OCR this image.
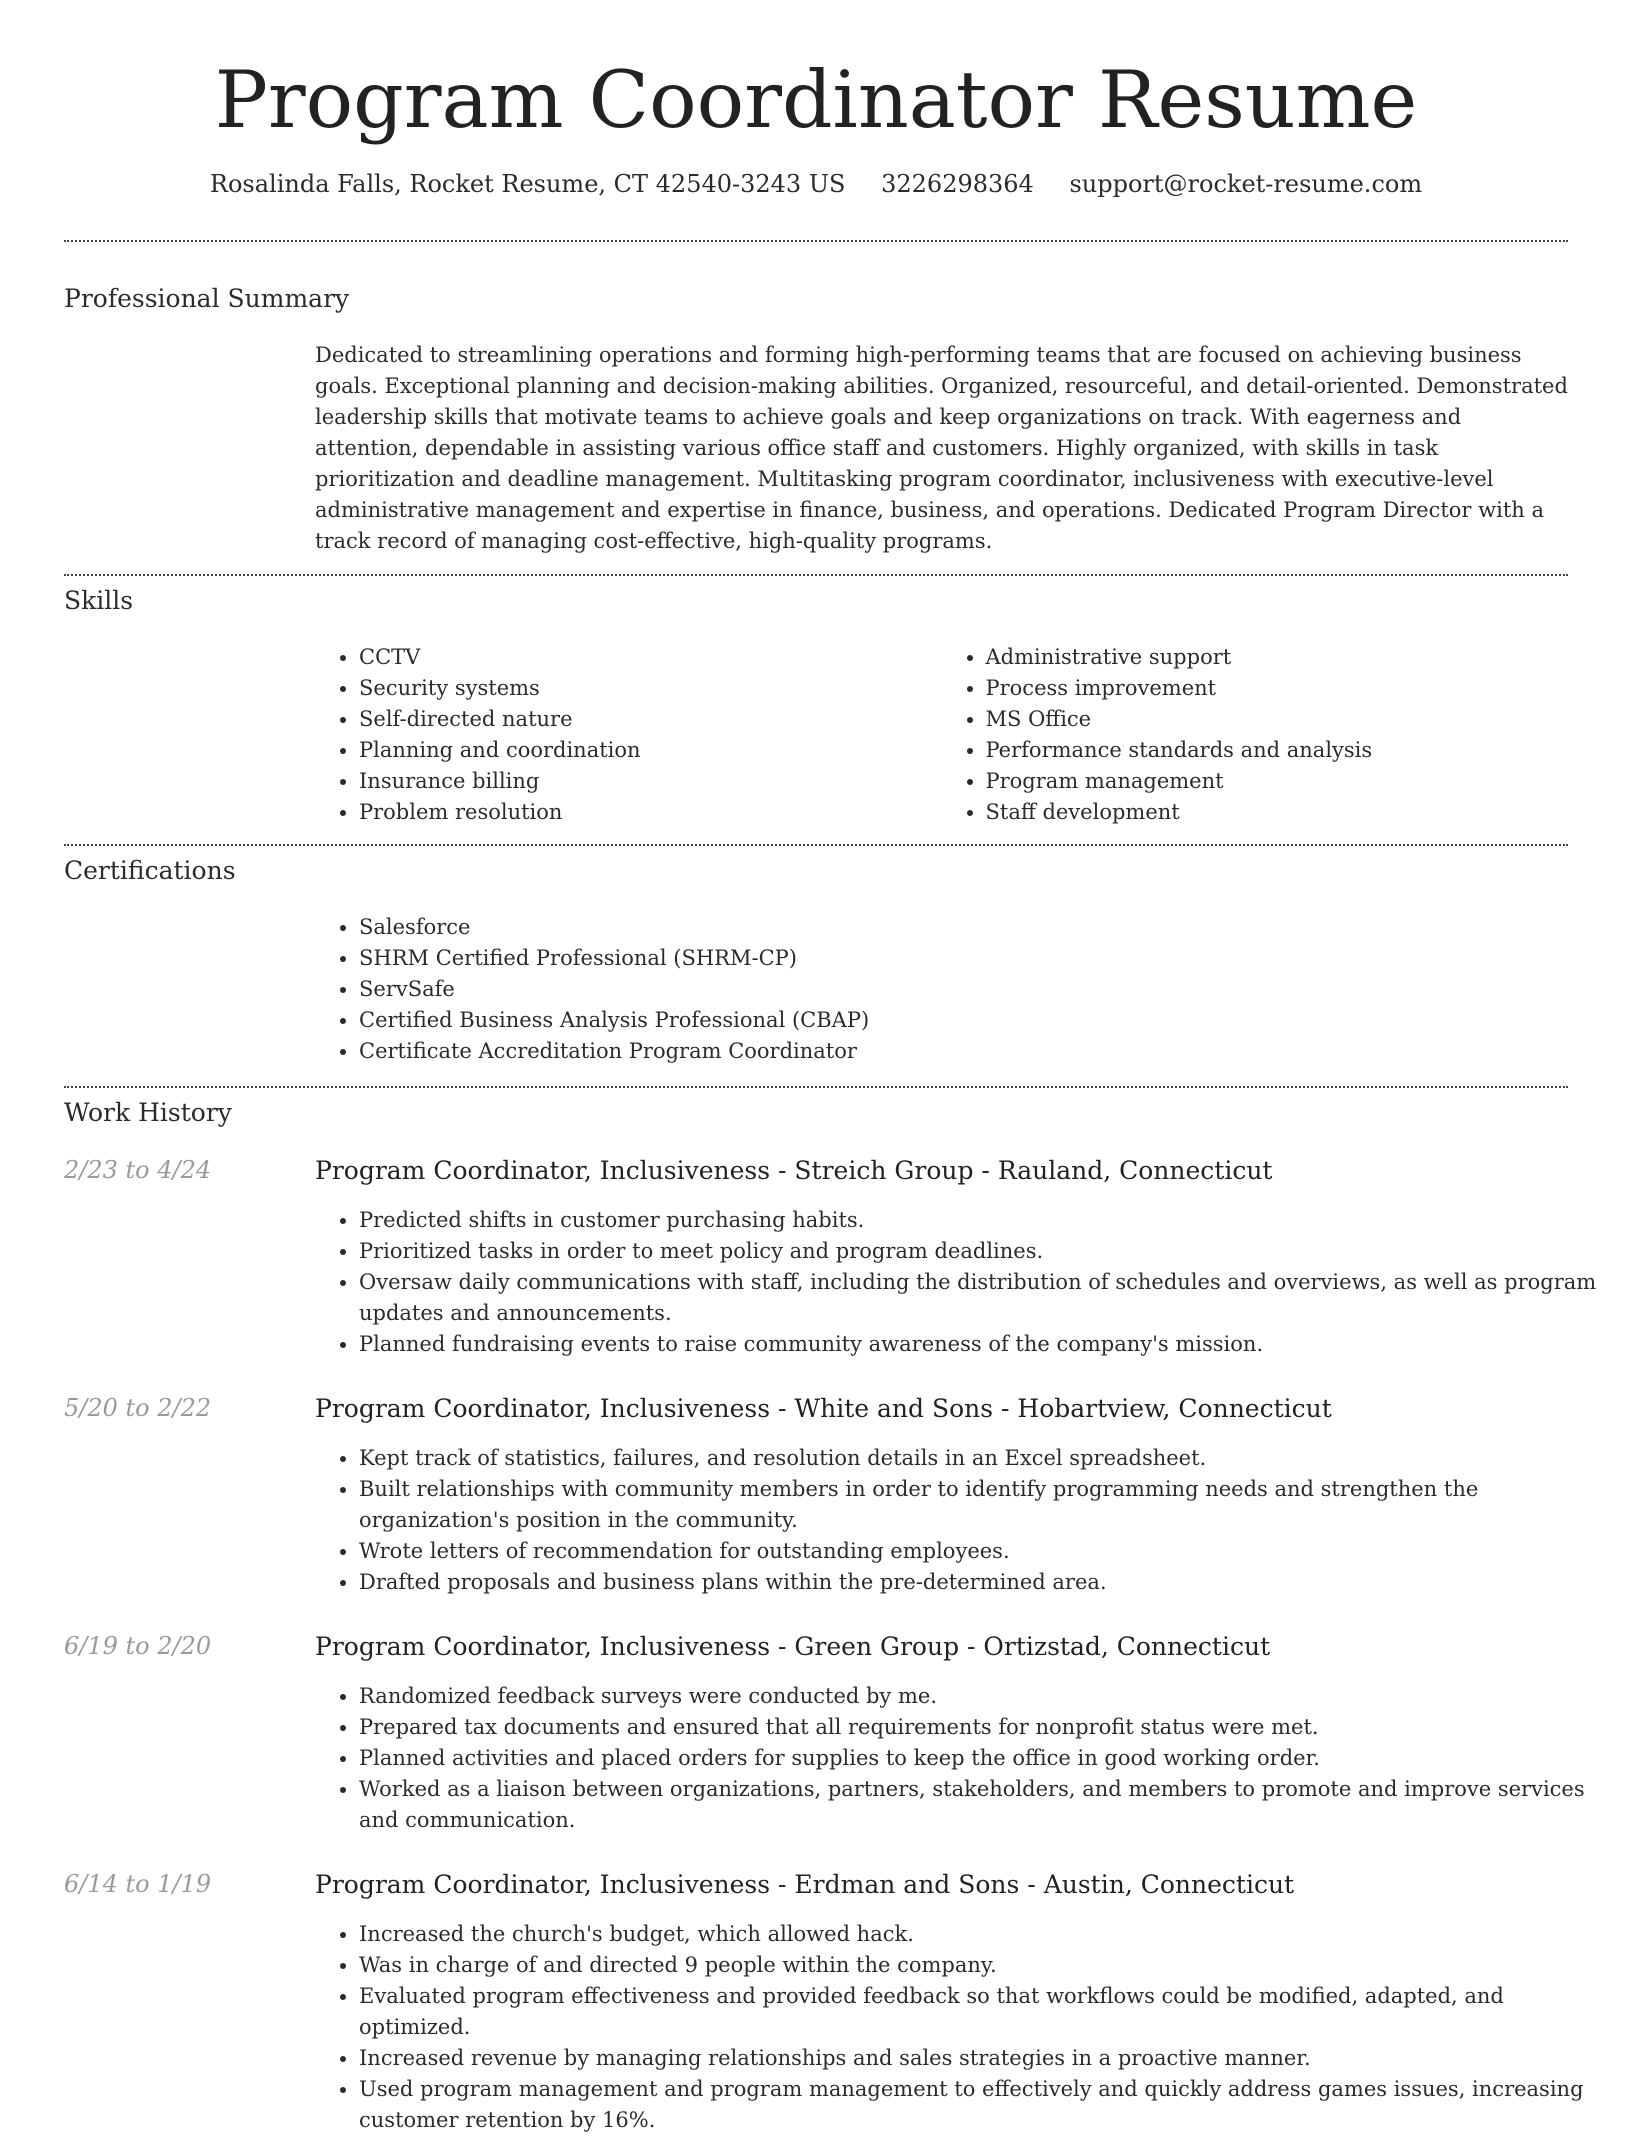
Program Coordinator Resume
Rosalinda Falls, Rocket Resume, CT 42540-3243 US 3226298364 support@rocket-resume.com
Professional Summary
Dedicated to streamlining operations and forming high-performing teams that are focused on achieving business goals. Exceptional planning and decision-making abilities. Organized, resourceful, and detail-oriented. Demonstrated leadership skills that motivate teams to achieve goals and keep organizations on track. With eagerness and attention, dependable in assisting various office staff and customers. Highly organized, with skills in task prioritization and deadline management. Multitasking program coordinator, inclusiveness with executive-level administrative management and expertise in finance, business, and operations. Dedicated Program Director with a track record of managing cost-effective, high-quality programs.
Skills
• CCTV
• Security systems
• Self-directed nature
• Planning and coordination
• Insurance billing
• Problem resolution
• Administrative support
• Process improvement
• MS Office
• Performance standards and analysis
• Program management
• Staff development
Certifications
• Salesforce
• SHRM Certified Professional (SHRM-CP)
• ServSafe
• Certified Business Analysis Professional (CBAP)
• Certificate Accreditation Program Coordinator
Work History
2/23 to 4/24	Program Coordinator, Inclusiveness - Streich Group - Rauland, Connecticut
• Predicted shifts in customer purchasing habits.
• Prioritized tasks in order to meet policy and program deadlines.
• Oversaw daily communications with staff, including the distribution of schedules and overviews, as well as program updates and announcements.
• Planned fundraising events to raise community awareness of the company's mission.
5/20 to 2/22	Program Coordinator, Inclusiveness - White and Sons - Hobartview, Connecticut
• Kept track of statistics, failures, and resolution details in an Excel spreadsheet.
• Built relationships with community members in order to identify programming needs and strengthen the organization's position in the community.
• Wrote letters of recommendation for outstanding employees.
• Drafted proposals and business plans within the pre-determined area.
6/19 to 2/20	Program Coordinator, Inclusiveness - Green Group - Ortizstad, Connecticut
• Randomized feedback surveys were conducted by me.
• Prepared tax documents and ensured that all requirements for nonprofit status were met.
• Planned activities and placed orders for supplies to keep the office in good working order.
• Worked as a liaison between organizations, partners, stakeholders, and members to promote and improve services and communication.
6/14 to 1/19	Program Coordinator, Inclusiveness - Erdman and Sons - Austin, Connecticut
• Increased the church's budget, which allowed hack.
• Was in charge of and directed 9 people within the company.
• Evaluated program effectiveness and provided feedback so that workflows could be modified, adapted, and optimized.
• Increased revenue by managing relationships and sales strategies in a proactive manner.
• Used program management and program management to effectively and quickly address games issues, increasing customer retention by 16%.
